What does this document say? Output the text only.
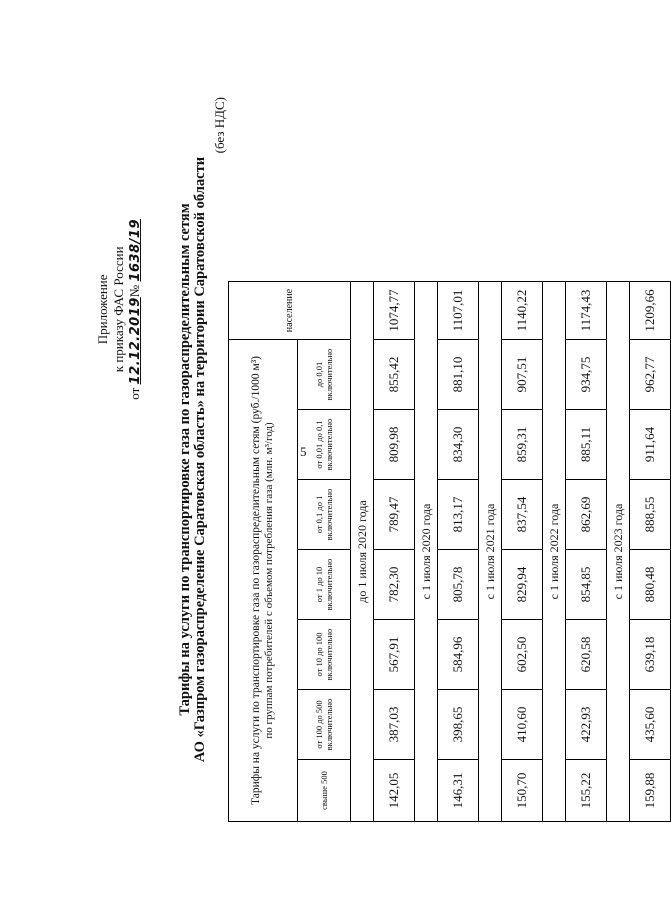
5
Приложение к приказу ФАС России
от 12.12.2019№ 1638/19 Тарифы на услуги по транспортировке газа по газораспределительным сетям АО «Газпром газораспределение Саратовская область» на территории Саратовской области
(без НДС)
Тарифы на услуги по транспортировке газа по газораспределительным сетям (руб./1000 м³) по группам потребителей с объемом потребления газа (млн. м³/год)							население
свыше 500	от 100 до 500 включительно	от 10 до 100 включительно	от 1 до 10 включительно	от 0,1 до 1 включительно	от 0,01 до 0,1 включительно	до 0,01 включительно	
до 1 июля 2020 года							
142,05	387,03	567,91	782,30	789,47	809,98	855,42	1074,77
с 1 июля 2020 года							
146,31	398,65	584,96	805,78	813,17	834,30	881,10	1107,01
с 1 июля 2021 года							
150,70	410,60	602,50	829,94	837,54	859,31	907,51	1140,22
с 1 июля 2022 года							
155,22	422,93	620,58	854,85	862,69	885,11	934,75	1174,43
с 1 июля 2023 года							
159,88	435,60	639,18	880,48	888,55	911,64	962,77	1209,66
